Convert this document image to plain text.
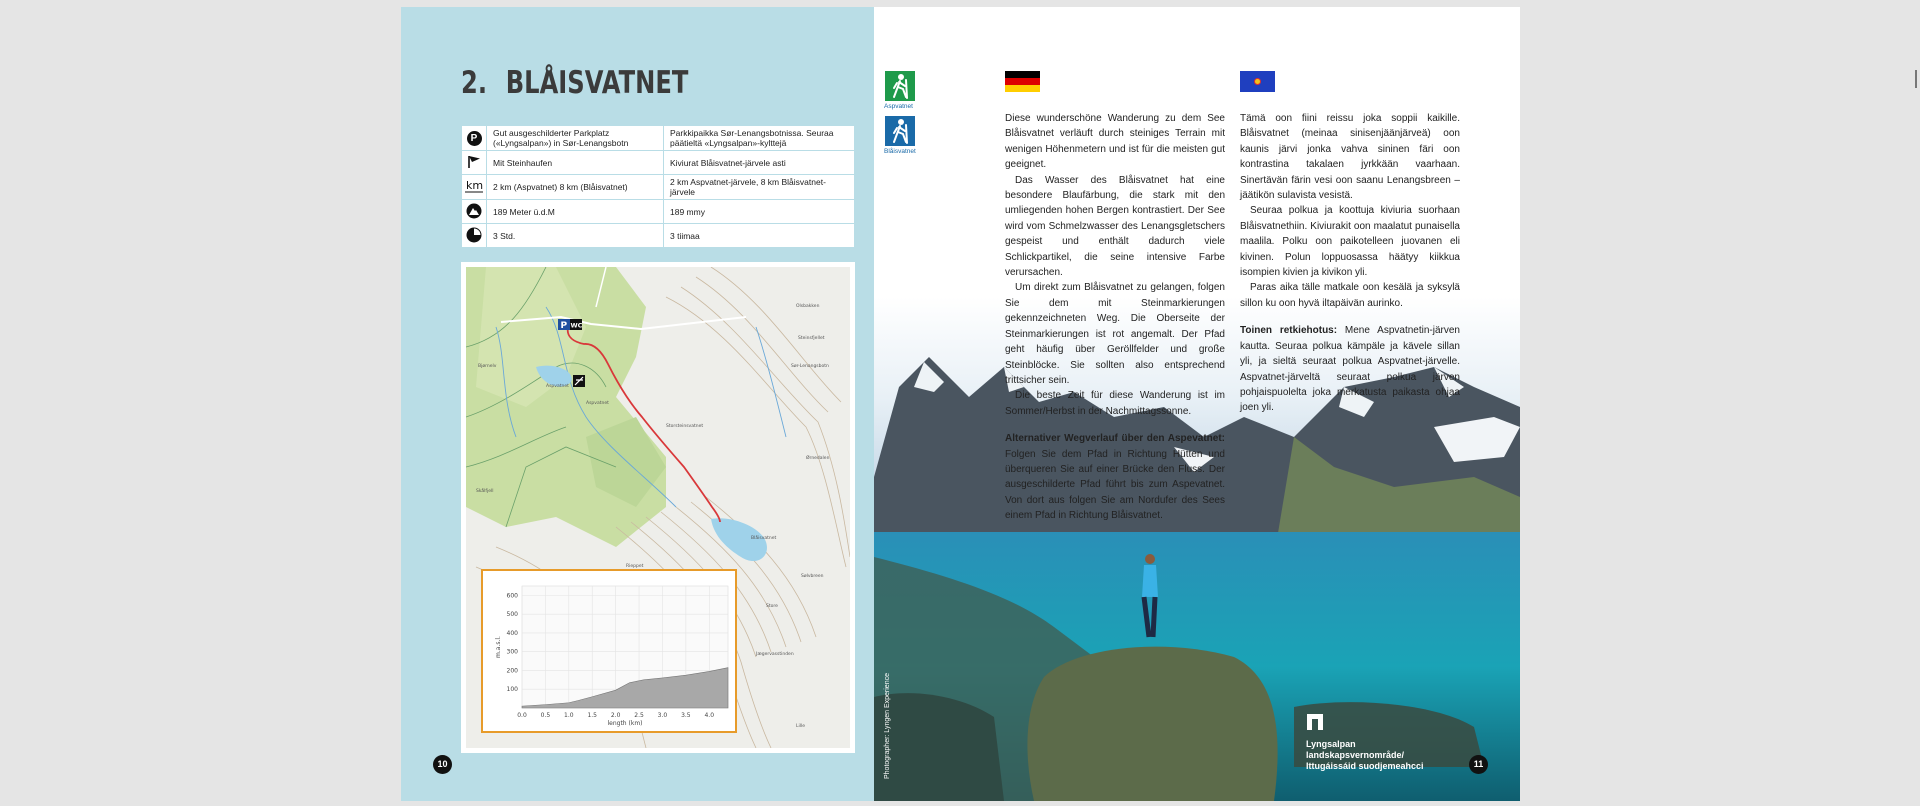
2. BLÅISVATNET
P	Gut ausgeschilderter Parkplatz («Lyngsalpan») in Sør-Lenangsbotn	Parkkipaikka Sør-Lenangsbotnissa. Seuraa päätieltä «Lyngsalpan»-kylttejä
	Mit Steinhaufen	Kiviurat Blåisvatnet-järvele asti

km	2 km (Aspvatnet) 8 km (Blåisvatnet)	2 km Aspvatnet-järvele, 8 km Blåisvatnet-järvele
	189 Meter ü.d.M	189 mmy
	3 Std.	3 tiimaa
P WC
Olsbakken
Steinsfjellet
Sør-Lenangsbotn
Bjørnelv
Aspvatnet
Storsteinsvatnet
Blåisvatnet
Aspvatnet
Ørnedalen
Skålfjell
Rieppet
Sølvbreen
Store
Jægervasstinden
Lille
100
200
300
400
500
600
0.0 0.5 1.0 1.5 2.0 2.5 3.0 3.5 4.0
length (km)
m.a.s.l.
10
Aspvatnet
Blåisvatnet
Photographer: Lyngen Experience	Lyngsalpan
landskapsvernområde/
Ittugáissáid suodjemeahcci

Diese wunderschöne Wanderung zu dem See Blåisvatnet verläuft durch steiniges Terrain mit wenigen Höhenmetern und ist für die meisten gut geeignet.

Das Wasser des Blåisvatnet hat eine besondere Blaufärbung, die stark mit den umliegenden hohen Bergen kontrastiert. Der See wird vom Schmelzwasser des Lenangsgletschers gespeist und enthält dadurch viele Schlickpartikel, die seine intensive Farbe verursachen.

Um direkt zum Blåisvatnet zu gelangen, folgen Sie dem mit Steinmarkierungen gekennzeichneten Weg. Die Oberseite der Steinmarkierungen ist rot angemalt. Der Pfad geht häufig über Geröllfelder und große Steinblöcke. Sie sollten also entsprechend trittsicher sein.

Die beste Zeit für diese Wanderung ist im Sommer/Herbst in der Nachmittagssonne.

Alternativer Wegverlauf über den Aspevatnet: Folgen Sie dem Pfad in Richtung Hütten und überqueren Sie auf einer Brücke den Fluss. Der ausgeschilderte Pfad führt bis zum Aspevatnet. Von dort aus folgen Sie am Nordufer des Sees einem Pfad in Richtung Blåisvatnet.

Tämä oon fiini reissu joka soppii kaikille. Blåisvatnet (meinaa sinisenjäänjärveä) oon kaunis järvi jonka vahva sininen färi oon kontrastina takalaen jyrkkään vaarhaan. Sinertävän färin vesi oon saanu Lenangsbreen – jäätikön sulavista vesistä.

Seuraa polkua ja koottuja kiviuria suorhaan Blåisvatnethiin. Kiviurakit oon maalatut punaisella maalila. Polku oon paikotelleen juovanen eli kivinen. Polun loppuosassa häätyy kiikkua isompien kivien ja kivikon yli.

Paras aika tälle matkale oon kesälä ja syksylä sillon ku oon hyvä iltapäivän aurinko.

Toinen retkiehotus: Mene Aspvatnetin-järven kautta. Seuraa polkua kämpäle ja kävele sillan yli, ja sieltä seuraat polkua Aspvatnet-järvelle. Aspvatnet-järveltä seuraat polkua järven pohjaispuolelta joka merkatusta paikasta ohjaa joen yli.

11
